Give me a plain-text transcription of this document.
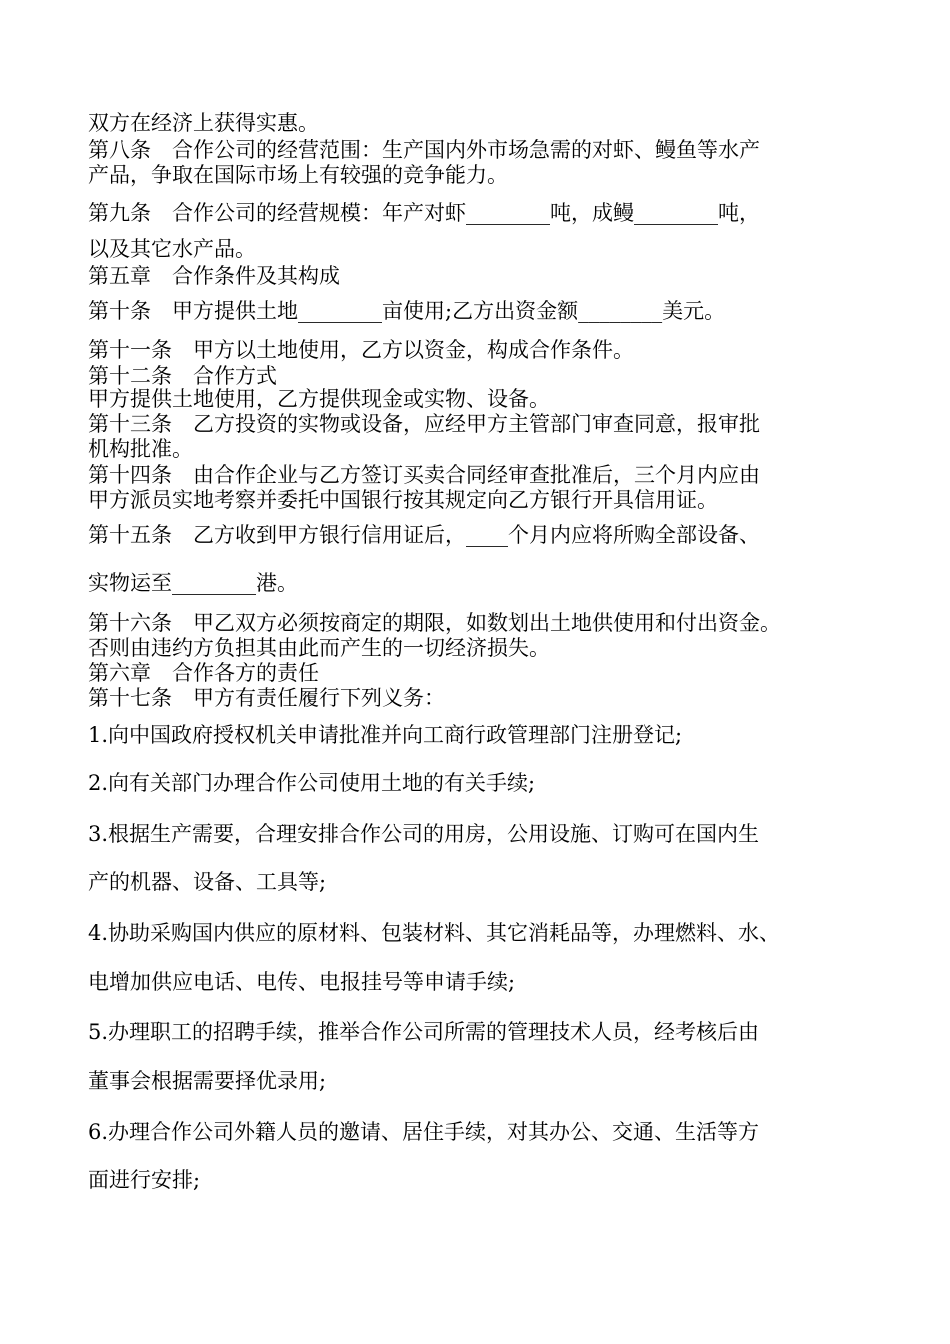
双方在经济上获得实惠。
第八条　合作公司的经营范围：生产国内外市场急需的对虾、鳗鱼等水产
产品，争取在国际市场上有较强的竞争能力。
第九条　合作公司的经营规模：年产对虾________吨，成鳗________吨，
以及其它水产品。
第五章　合作条件及其构成
第十条　甲方提供土地________亩使用;乙方出资金额________美元。
第十一条　甲方以土地使用，乙方以资金，构成合作条件。
第十二条　合作方式
甲方提供土地使用，乙方提供现金或实物、设备。
第十三条　乙方投资的实物或设备，应经甲方主管部门审查同意，报审批
机构批准。
第十四条　由合作企业与乙方签订买卖合同经审查批准后，三个月内应由
甲方派员实地考察并委托中国银行按其规定向乙方银行开具信用证。
第十五条　乙方收到甲方银行信用证后，____个月内应将所购全部设备、
实物运至________港。
第十六条　甲乙双方必须按商定的期限，如数划出土地供使用和付出资金。
否则由违约方负担其由此而产生的一切经济损失。
第六章　合作各方的责任
第十七条　甲方有责任履行下列义务：
1.向中国政府授权机关申请批准并向工商行政管理部门注册登记;
2.向有关部门办理合作公司使用土地的有关手续;
3.根据生产需要，合理安排合作公司的用房，公用设施、订购可在国内生
产的机器、设备、工具等;
4.协助采购国内供应的原材料、包装材料、其它消耗品等，办理燃料、水、
电增加供应电话、电传、电报挂号等申请手续;
5.办理职工的招聘手续，推举合作公司所需的管理技术人员，经考核后由
董事会根据需要择优录用;
6.办理合作公司外籍人员的邀请、居住手续，对其办公、交通、生活等方
面进行安排;
